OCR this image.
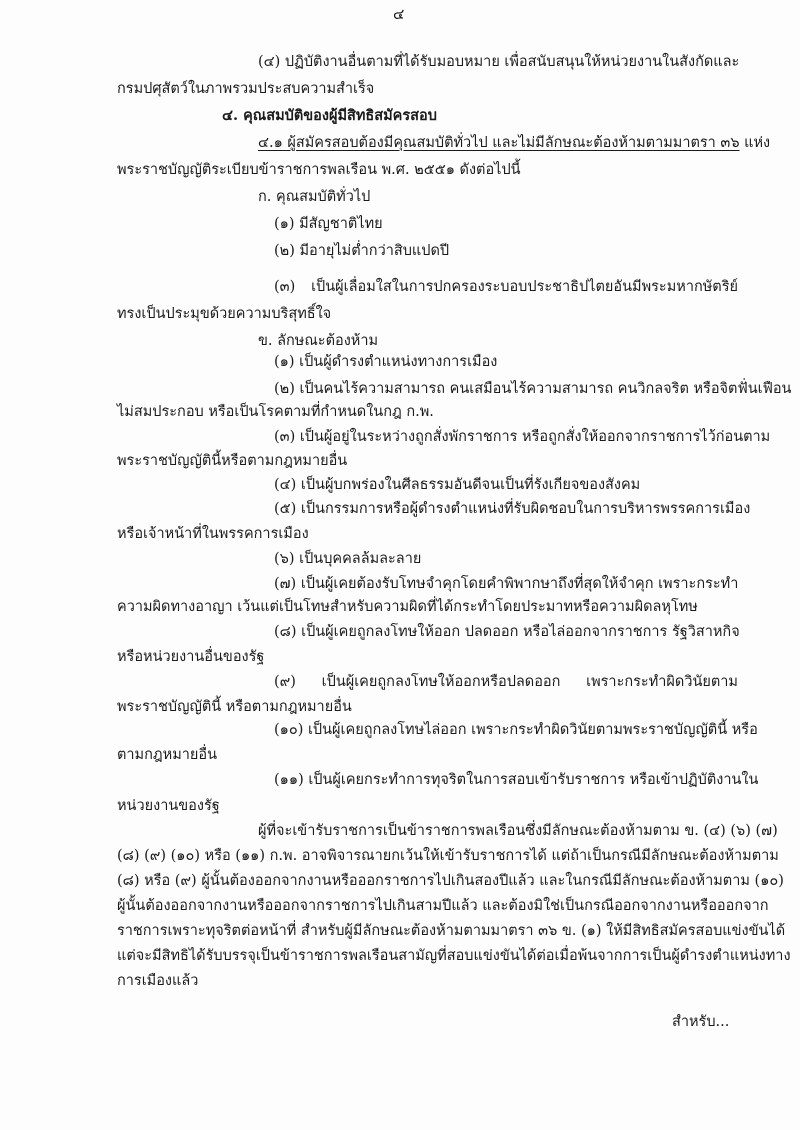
๔
(๔) ปฏิบัติงานอื่นตามที่ได้รับมอบหมาย เพื่อสนับสนุนให้หน่วยงานในสังกัดและ
กรมปศุสัตว์ในภาพรวมประสบความสำเร็จ
๔. คุณสมบัติของผู้มีสิทธิสมัครสอบ
๔.๑ ผู้สมัครสอบต้องมีคุณสมบัติทั่วไป และไม่มีลักษณะต้องห้ามตามมาตรา ๓๖ แห่ง
พระราชบัญญัติระเบียบข้าราชการพลเรือน พ.ศ. ๒๕๕๑ ดังต่อไปนี้
ก. คุณสมบัติทั่วไป
(๑) มีสัญชาติไทย
(๒) มีอายุไม่ต่ำกว่าสิบแปดปี
(๓) เป็นผู้เลื่อมใสในการปกครองระบอบประชาธิปไตยอันมีพระมหากษัตริย์
ทรงเป็นประมุขด้วยความบริสุทธิ์ใจ
ข. ลักษณะต้องห้าม
(๑) เป็นผู้ดำรงตำแหน่งทางการเมือง
(๒) เป็นคนไร้ความสามารถ คนเสมือนไร้ความสามารถ คนวิกลจริต หรือจิตฟั่นเฟือน
ไม่สมประกอบ หรือเป็นโรคตามที่กำหนดในกฎ ก.พ.
(๓) เป็นผู้อยู่ในระหว่างถูกสั่งพักราชการ หรือถูกสั่งให้ออกจากราชการไว้ก่อนตาม
พระราชบัญญัตินี้หรือตามกฎหมายอื่น
(๔) เป็นผู้บกพร่องในศีลธรรมอันดีจนเป็นที่รังเกียจของสังคม
(๕) เป็นกรรมการหรือผู้ดำรงตำแหน่งที่รับผิดชอบในการบริหารพรรคการเมือง
หรือเจ้าหน้าที่ในพรรคการเมือง
(๖) เป็นบุคคลล้มละลาย
(๗) เป็นผู้เคยต้องรับโทษจำคุกโดยคำพิพากษาถึงที่สุดให้จำคุก เพราะกระทำ
ความผิดทางอาญา เว้นแต่เป็นโทษสำหรับความผิดที่ได้กระทำโดยประมาทหรือความผิดลหุโทษ
(๘) เป็นผู้เคยถูกลงโทษให้ออก ปลดออก หรือไล่ออกจากราชการ รัฐวิสาหกิจ
หรือหน่วยงานอื่นของรัฐ
(๙) เป็นผู้เคยถูกลงโทษให้ออกหรือปลดออก เพราะกระทำผิดวินัยตาม
พระราชบัญญัตินี้ หรือตามกฎหมายอื่น
(๑๐) เป็นผู้เคยถูกลงโทษไล่ออก เพราะกระทำผิดวินัยตามพระราชบัญญัตินี้ หรือ
ตามกฎหมายอื่น
(๑๑) เป็นผู้เคยกระทำการทุจริตในการสอบเข้ารับราชการ หรือเข้าปฏิบัติงานใน
หน่วยงานของรัฐ
ผู้ที่จะเข้ารับราชการเป็นข้าราชการพลเรือนซึ่งมีลักษณะต้องห้ามตาม ข. (๔) (๖) (๗)
(๘) (๙) (๑๐) หรือ (๑๑) ก.พ. อาจพิจารณายกเว้นให้เข้ารับราชการได้ แต่ถ้าเป็นกรณีมีลักษณะต้องห้ามตาม
(๘) หรือ (๙) ผู้นั้นต้องออกจากงานหรือออกราชการไปเกินสองปีแล้ว และในกรณีมีลักษณะต้องห้ามตาม (๑๐)
ผู้นั้นต้องออกจากงานหรือออกจากราชการไปเกินสามปีแล้ว และต้องมิใช่เป็นกรณีออกจากงานหรือออกจาก
ราชการเพราะทุจริตต่อหน้าที่ สำหรับผู้มีลักษณะต้องห้ามตามมาตรา ๓๖ ข. (๑) ให้มีสิทธิสมัครสอบแข่งขันได้
แต่จะมีสิทธิได้รับบรรจุเป็นข้าราชการพลเรือนสามัญที่สอบแข่งขันได้ต่อเมื่อพ้นจากการเป็นผู้ดำรงตำแหน่งทาง
การเมืองแล้ว
สำหรับ...
